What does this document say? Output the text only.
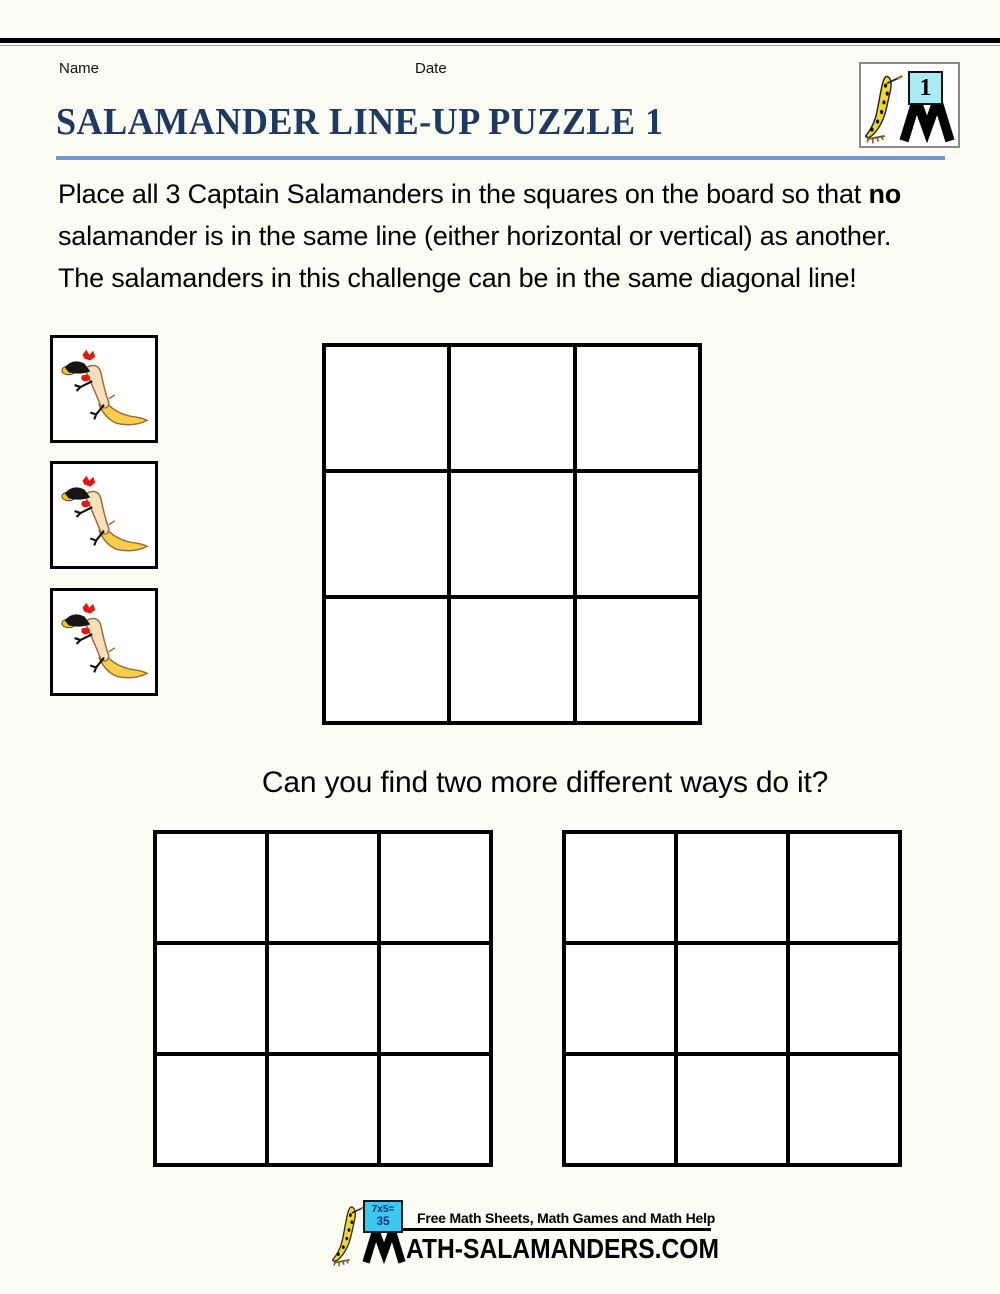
Name	Date
1
SALAMANDER LINE-UP PUZZLE 1
Place all 3 Captain Salamanders in the squares on the board so that no
salamander is in the same line (either horizontal or vertical) as another.
The salamanders in this challenge can be in the same diagonal line!
Can you find two more different ways do it?
7x5=
35	Free Math Sheets, Math Games and Math Help
ATH-SALAMANDERS.COM
